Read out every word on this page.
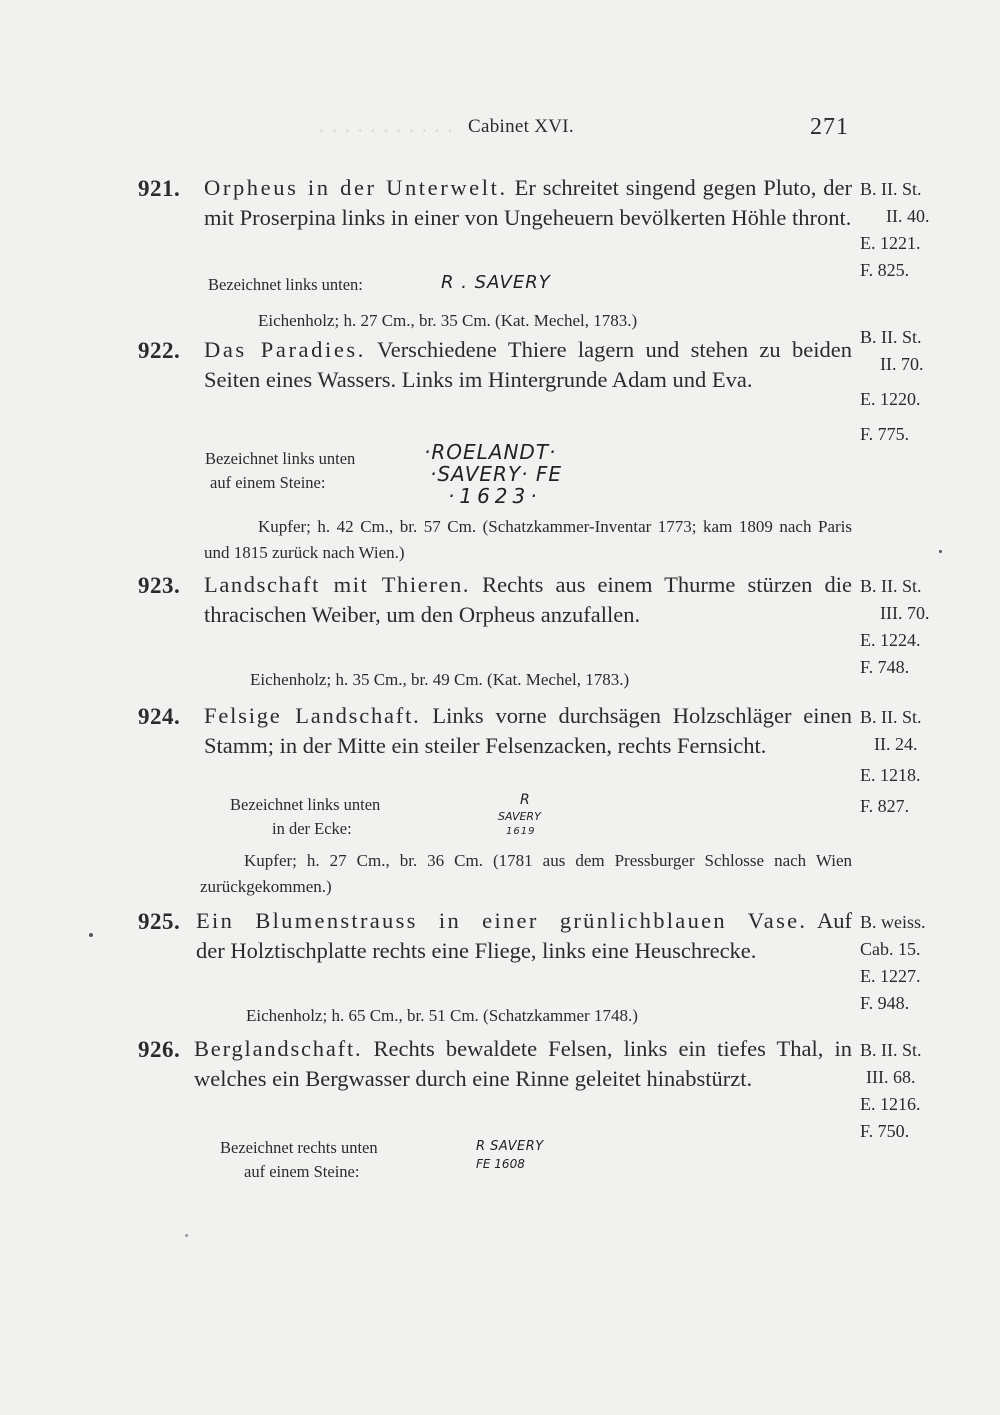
· · · · · · · · · · · Cabinet XVI.	271
921. Orpheus in der Unterwelt. Er schreitet singend gegen Pluto, der mit Proserpina links in einer von Ungeheuern bevölkerten Höhle thront.
B. II. St.
II. 40.
E. 1221.
F. 825.
Bezeichnet links unten:	R . SAVERY
Eichenholz; h. 27 Cm., br. 35 Cm. (Kat. Mechel, 1783.)
922. Das Paradies. Verschiedene Thiere lagern und stehen zu beiden Seiten eines Wassers. Links im Hintergrunde Adam und Eva.
B. II. St.
II. 70.
E. 1220.
F. 775.
Bezeichnet links unten
auf einem Steine:
·ROELANDT·
·SAVERY· FE
·1623·
Kupfer; h. 42 Cm., br. 57 Cm. (Schatzkammer-Inventar 1773; kam 1809 nach Paris und 1815 zurück nach Wien.)
923. Landschaft mit Thieren. Rechts aus einem Thurme stürzen die thracischen Weiber, um den Orpheus anzufallen.
B. II. St.
III. 70.
E. 1224.
F. 748.
Eichenholz; h. 35 Cm., br. 49 Cm. (Kat. Mechel, 1783.)
924. Felsige Landschaft. Links vorne durchsägen Holzschläger einen Stamm; in der Mitte ein steiler Felsenzacken, rechts Fernsicht.
B. II. St.
II. 24.
E. 1218.
F. 827.
Bezeichnet links unten
in der Ecke:
R
SAVERY
1619
Kupfer; h. 27 Cm., br. 36 Cm. (1781 aus dem Pressburger Schlosse nach Wien zurückgekommen.)
925. Ein Blumenstrauss in einer grünlichblauen Vase. Auf der Holztischplatte rechts eine Fliege, links eine Heuschrecke.
B. weiss.
Cab. 15.
E. 1227.
F. 948.
Eichenholz; h. 65 Cm., br. 51 Cm. (Schatzkammer 1748.)
926. Berglandschaft. Rechts bewaldete Felsen, links ein tiefes Thal, in welches ein Bergwasser durch eine Rinne geleitet hinabstürzt.
B. II. St.
III. 68.
E. 1216.
F. 750.
Bezeichnet rechts unten
auf einem Steine:
R SAVERY
FE 1608
